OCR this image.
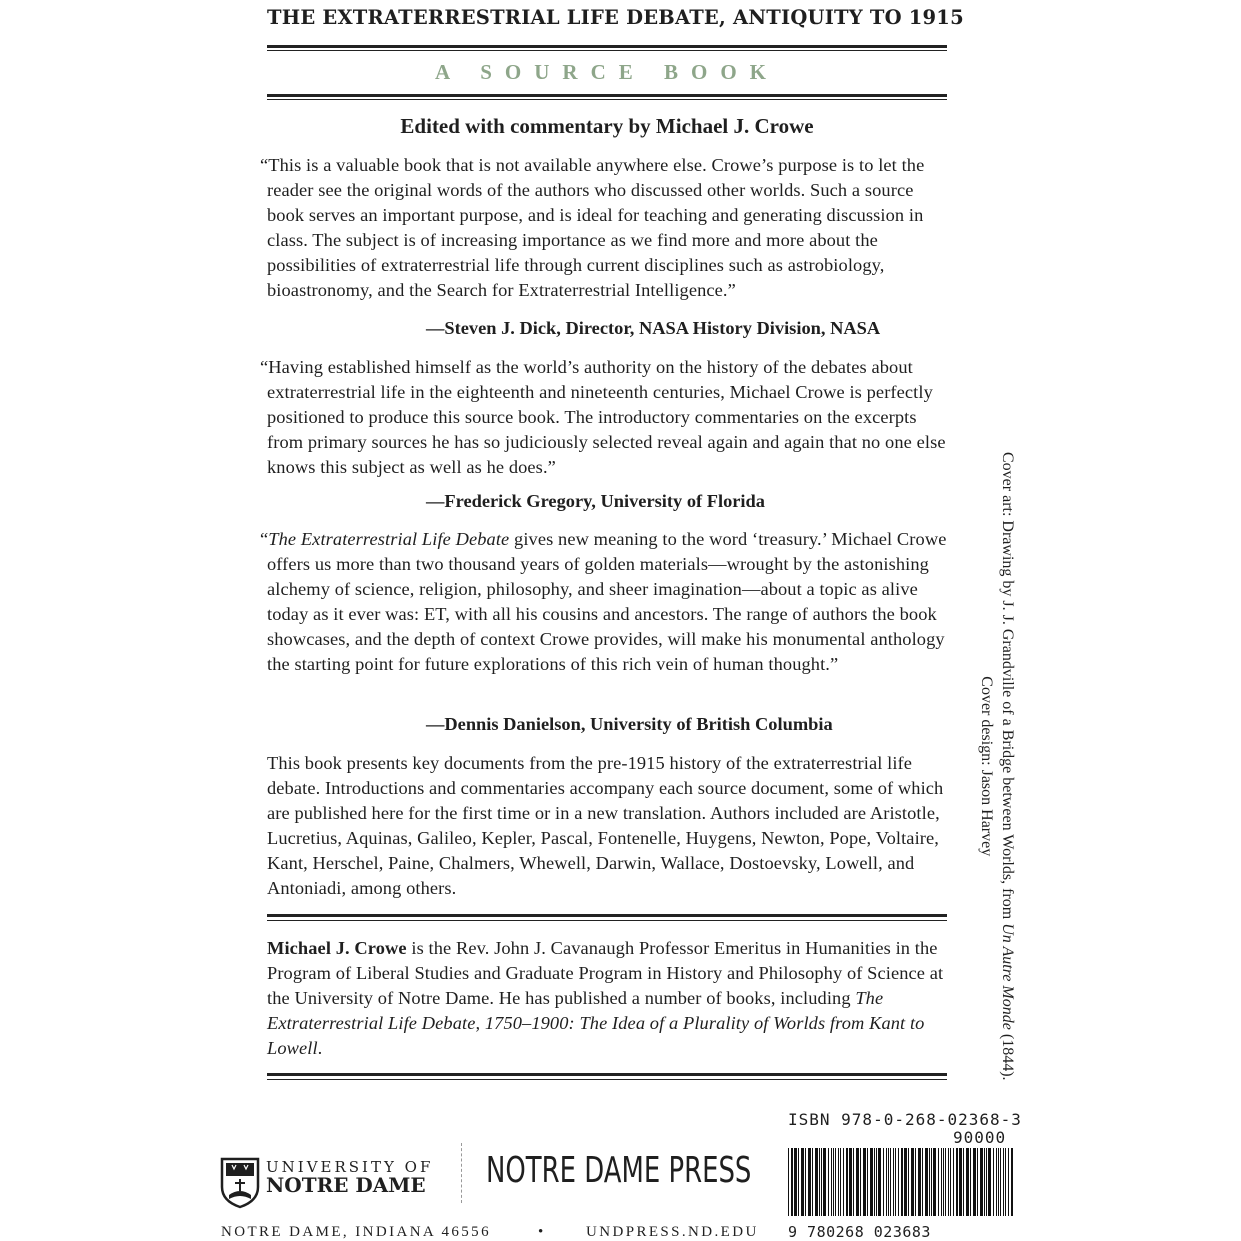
THE EXTRATERRESTRIAL LIFE DEBATE, ANTIQUITY TO 1915
A SOURCE BOOK
Edited with commentary by Michael J. Crowe

“This is a valuable book that is not available anywhere else. Crowe’s purpose is to let the reader see the original words of the authors who discussed other worlds. Such a source book serves an important purpose, and is ideal for teaching and generating discussion in class. The subject is of increasing importance as we find more and more about the possibilities of extraterrestrial life through current disciplines such as astrobiology, bioastronomy, and the Search for Extraterrestrial Intelligence.”

—Steven J. Dick, Director, NASA History Division, NASA

“Having established himself as the world’s authority on the history of the debates about extraterrestrial life in the eighteenth and nineteenth centuries, Michael Crowe is perfectly positioned to produce this source book. The introductory commentaries on the excerpts from primary sources he has so judiciously selected reveal again and again that no one else knows this subject as well as he does.”

—Frederick Gregory, University of Florida

“The Extraterrestrial Life Debate gives new meaning to the word ‘treasury.’ Michael Crowe offers us more than two thousand years of golden materials—wrought by the astonishing alchemy of science, religion, philosophy, and sheer imagination—about a topic as alive today as it ever was: ET, with all his cousins and ancestors. The range of authors the book showcases, and the depth of context Crowe provides, will make his monumental anthology the starting point for future explorations of this rich vein of human thought.”

—Dennis Danielson, University of British Columbia

This book presents key documents from the pre-1915 history of the extraterrestrial life debate. Introductions and commentaries accompany each source document, some of which are published here for the first time or in a new translation. Authors included are Aristotle, Lucretius, Aquinas, Galileo, Kepler, Pascal, Fontenelle, Huygens, Newton, Pope, Voltaire, Kant, Herschel, Paine, Chalmers, Whewell, Darwin, Wallace, Dostoevsky, Lowell, and Antoniadi, among others.

Michael J. Crowe is the Rev. John J. Cavanaugh Professor Emeritus in Humanities in the Program of Liberal Studies and Graduate Program in History and Philosophy of Science at the University of Notre Dame. He has published a number of books, including The Extraterrestrial Life Debate, 1750–1900: The Idea of a Plurality of Worlds from Kant to Lowell.

Cover art: Drawing by J. J. Grandville of a Bridge between Worlds, from Un Autre Monde (1844).
Cover design: Jason Harvey
UNIVERSITY OF
NOTRE DAME NOTRE DAME PRESS
NOTRE DAME, INDIANA 46556	•	UNDPRESS.ND.EDU
ISBN 978-0-268-02368-3
90000
9 780268 023683
